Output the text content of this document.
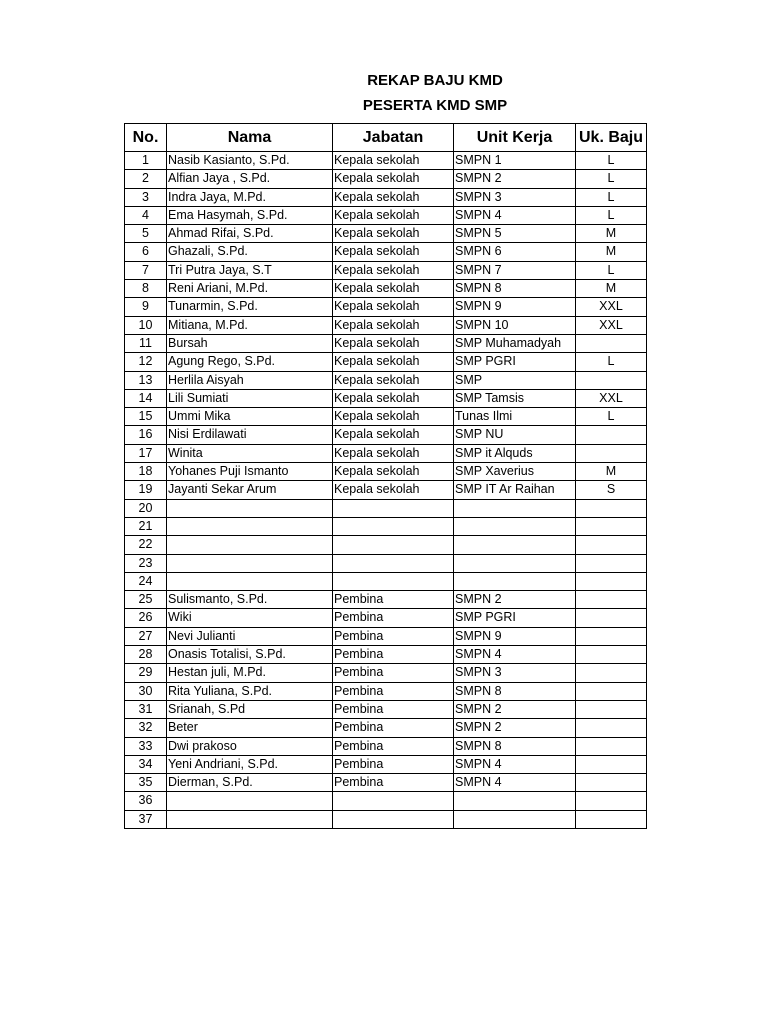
REKAP BAJU KMD
PESERTA KMD SMP
No.	Nama	Jabatan	Unit Kerja	Uk. Baju
1	Nasib Kasianto, S.Pd.	Kepala sekolah	SMPN 1	L
2	Alfian Jaya , S.Pd.	Kepala sekolah	SMPN 2	L
3	Indra Jaya, M.Pd.	Kepala sekolah	SMPN 3	L
4	Ema Hasymah, S.Pd.	Kepala sekolah	SMPN 4	L
5	Ahmad Rifai, S.Pd.	Kepala sekolah	SMPN 5	M
6	Ghazali, S.Pd.	Kepala sekolah	SMPN 6	M
7	Tri Putra Jaya, S.T	Kepala sekolah	SMPN 7	L
8	Reni Ariani, M.Pd.	Kepala sekolah	SMPN 8	M
9	Tunarmin, S.Pd.	Kepala sekolah	SMPN 9	XXL
10	Mitiana, M.Pd.	Kepala sekolah	SMPN 10	XXL
11	Bursah	Kepala sekolah	SMP Muhamadyah	
12	Agung Rego, S.Pd.	Kepala sekolah	SMP PGRI	L
13	Herlila Aisyah	Kepala sekolah	SMP	
14	Lili Sumiati	Kepala sekolah	SMP Tamsis	XXL
15	Ummi Mika	Kepala sekolah	Tunas Ilmi	L
16	Nisi Erdilawati	Kepala sekolah	SMP NU	
17	Winita	Kepala sekolah	SMP it Alquds	
18	Yohanes Puji Ismanto	Kepala sekolah	SMP Xaverius	M
19	Jayanti Sekar Arum	Kepala sekolah	SMP IT Ar Raihan	S
20				
21				
22				
23				
24				
25	Sulismanto, S.Pd.	Pembina	SMPN 2	
26	Wiki	Pembina	SMP PGRI	
27	Nevi Julianti	Pembina	SMPN 9	
28	Onasis Totalisi, S.Pd.	Pembina	SMPN 4	
29	Hestan juli, M.Pd.	Pembina	SMPN 3	
30	Rita Yuliana, S.Pd.	Pembina	SMPN 8	
31	Srianah, S.Pd	Pembina	SMPN 2	
32	Beter	Pembina	SMPN 2	
33	Dwi prakoso	Pembina	SMPN 8	
34	Yeni Andriani, S.Pd.	Pembina	SMPN 4	
35	Dierman, S.Pd.	Pembina	SMPN 4	
36				
37				
